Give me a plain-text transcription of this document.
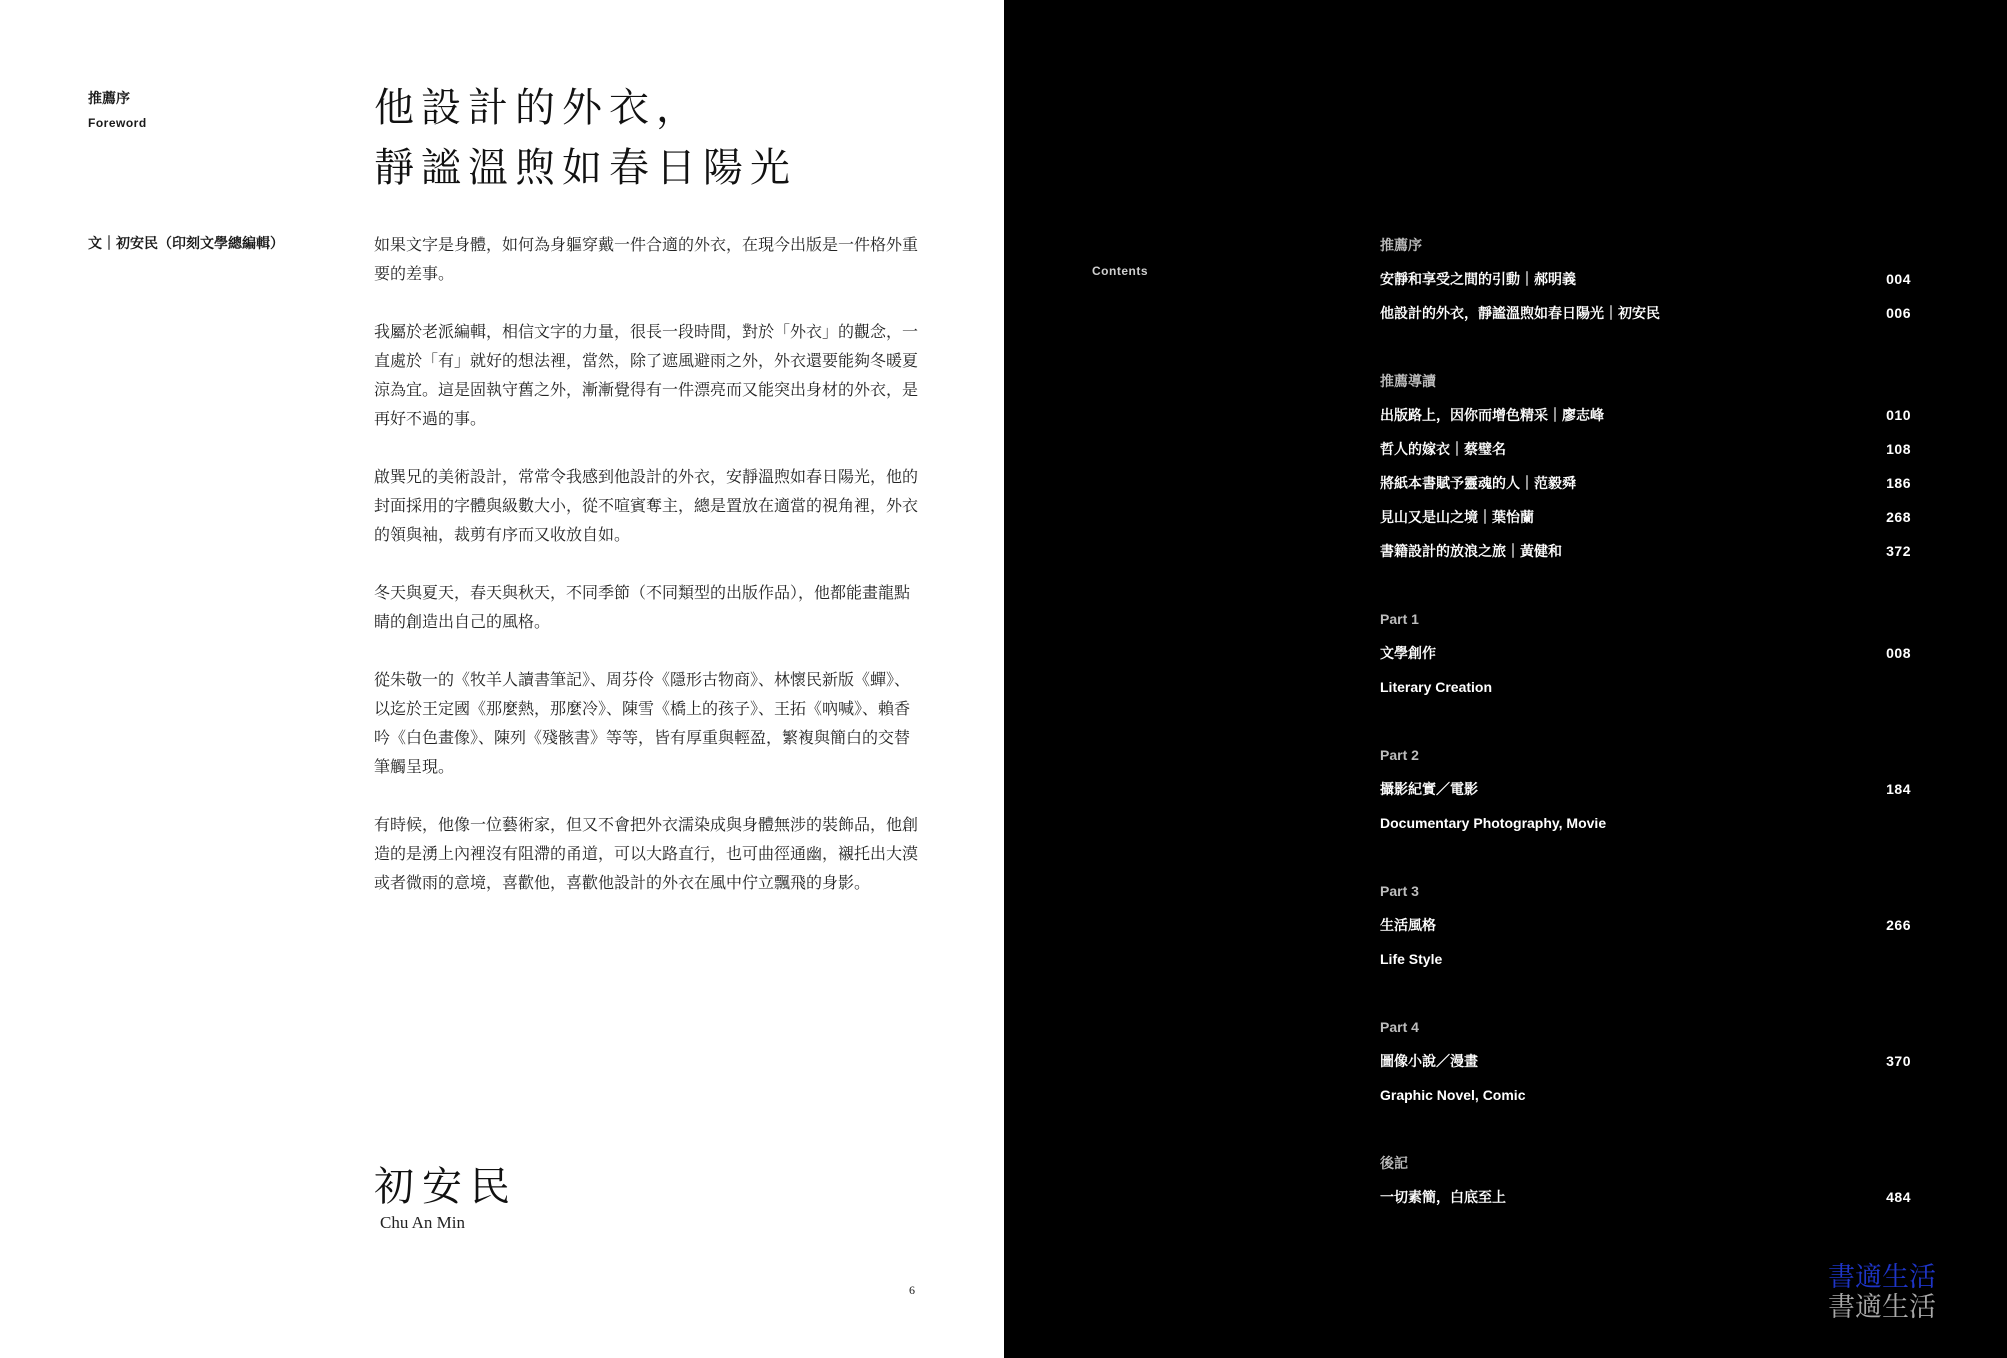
推薦序
Foreword	他設計的外衣，
靜謐溫煦如春日陽光
文｜初安民（印刻文學總編輯）	如果文字是身體，如何為身軀穿戴一件合適的外衣，在現今出版是一件格外重要的差事。

我屬於老派編輯，相信文字的力量，很長一段時間，對於「外衣」的觀念，一直處於「有」就好的想法裡，當然，除了遮風避雨之外，外衣還要能夠冬暖夏涼為宜。這是固執守舊之外，漸漸覺得有一件漂亮而又能突出身材的外衣，是再好不過的事。

啟巽兄的美術設計，常常令我感到他設計的外衣，安靜溫煦如春日陽光，他的封面採用的字體與級數大小，從不喧賓奪主，總是置放在適當的視角裡，外衣的領與袖，裁剪有序而又收放自如。

冬天與夏天，春天與秋天，不同季節（不同類型的出版作品），他都能畫龍點睛的創造出自己的風格。

從朱敬一的《牧羊人讀書筆記》、周芬伶《隱形古物商》、林懷民新版《蟬》、以迄於王定國《那麼熱，那麼冷》、陳雪《橋上的孩子》、王拓《吶喊》、賴香吟《白色畫像》、陳列《殘骸書》等等，皆有厚重與輕盈，繁複與簡白的交替筆觸呈現。

有時候，他像一位藝術家，但又不會把外衣濡染成與身體無涉的裝飾品，他創造的是湧上內裡沒有阻滯的甬道，可以大路直行，也可曲徑通幽，襯托出大漠或者微雨的意境，喜歡他，喜歡他設計的外衣在風中佇立飄飛的身影。

初安民
Chu An Min
6
目錄
Contents
推薦序
安靜和享受之間的引動｜郝明義	004
他設計的外衣，靜謐溫煦如春日陽光｜初安民	006
推薦導讀
出版路上，因你而增色精采｜廖志峰	010
哲人的嫁衣｜蔡璧名	108
將紙本書賦予靈魂的人｜范毅舜	186
見山又是山之境｜葉怡蘭	268
書籍設計的放浪之旅｜黃健和	372
Part 1
文學創作	008
Literary Creation
Part 2
攝影紀實／電影	184
Documentary Photography, Movie
Part 3
生活風格	266
Life Style
Part 4
圖像小說／漫畫	370
Graphic Novel, Comic
後記
一切素簡，白底至上	484
書適生活
書適生活
